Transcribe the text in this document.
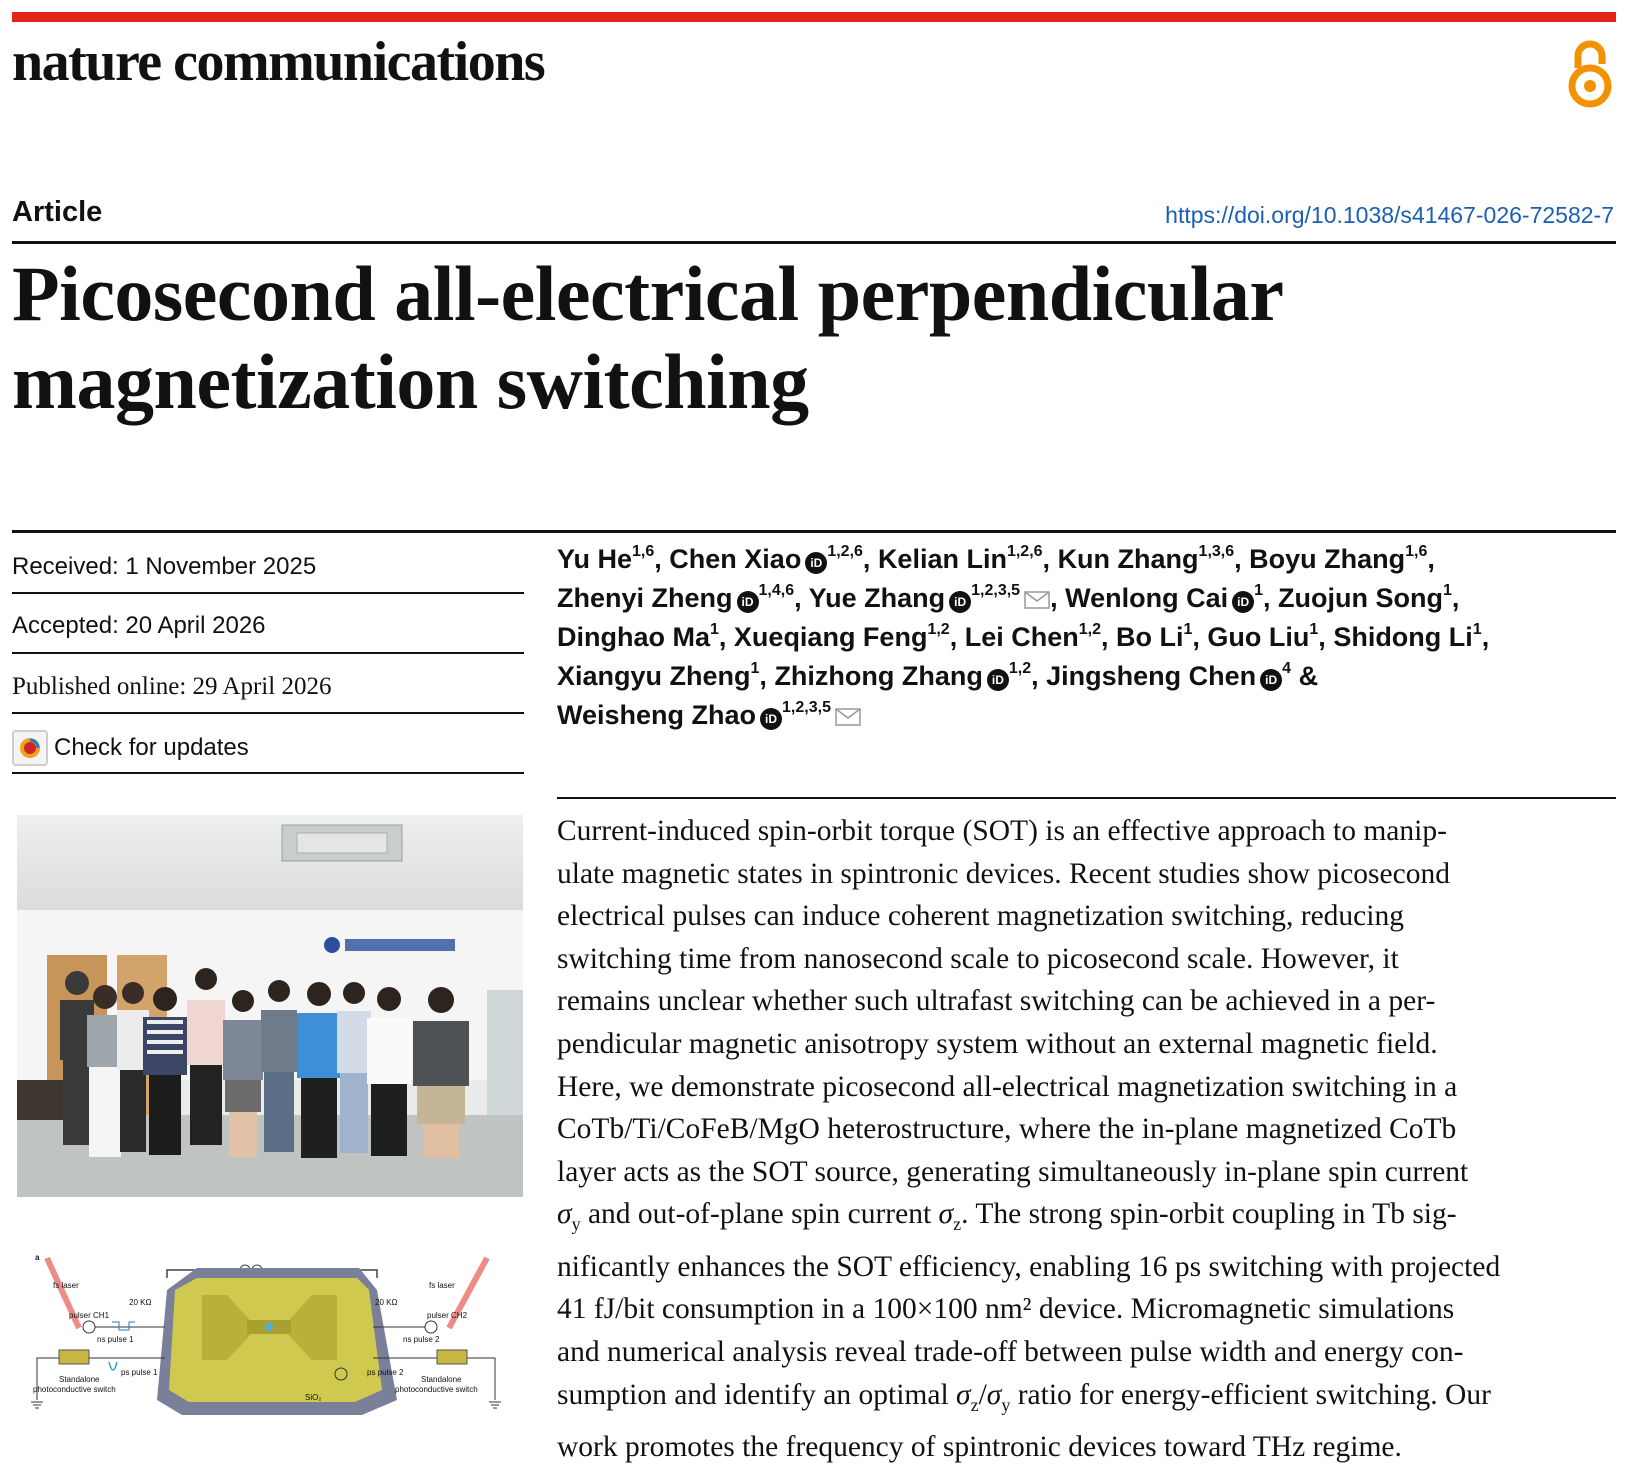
nature communications
Article	https://doi.org/10.1038/s41467-026-72582-7
Picosecond all-electrical perpendicular
magnetization switching
Received: 1 November 2025
Accepted: 20 April 2026
Published online: 29 April 2026
Check for updates
Yu He$^{1,6}$, Chen Xiao iD$^{1,2,6}$, Kelian Lin$^{1,2,6}$, Kun Zhang$^{1,3,6}$, Boyu Zhang$^{1,6}$,
Zhenyi Zheng iD$^{1,4,6}$, Yue Zhang iD$^{1,2,3,5}$ , Wenlong Cai $iD^1$, Zuojun Song$^1$,
Dinghao Ma$^1$, Xueqiang Feng$^{1,2}$, Lei Chen$^{1,2}$, Bo Li$^1$, Guo Liu$^1$, Shidong Li$^1$,
Xiangyu Zheng$^1$, Zhizhong Zhang iD$^{1,2}$, Jingsheng Chen $iD^4$ &
Weisheng Zhao iD$^{1,2,3,5}$
Current-induced spin-orbit torque (SOT) is an effective approach to manip-
ulate magnetic states in spintronic devices. Recent studies show picosecond
electrical pulses can induce coherent magnetization switching, reducing
switching time from nanosecond scale to picosecond scale. However, it
remains unclear whether such ultrafast switching can be achieved in a per-
pendicular magnetic anisotropy system without an external magnetic field.
Here, we demonstrate picosecond all-electrical magnetization switching in a
CoTb/Ti/CoFeB/MgO heterostructure, where the in-plane magnetized CoTb
layer acts as the SOT source, generating simultaneously in-plane spin current
$\sigma_y$ and out-of-plane spin current $\sigma_z$. The strong spin-orbit coupling in Tb sig-
nificantly enhances the SOT efficiency, enabling 16 ps switching with projected
41 fJ/bit consumption in a 100×100 nm² device. Micromagnetic simulations
and numerical analysis reveal trade-off between pulse width and energy con-
sumption and identify an optimal $\sigma_z/\sigma_y$ ratio for energy-efficient switching. Our
work promotes the frequency of spintronic devices toward THz regime.
a
fs laser	fs laser
SiO₂
20 KΩ	20 KΩ
pulser CH1	pulser CH2
ns pulse 1	ns pulse 2
ps pulse 1	ps pulse 2
Standalone
photoconductive switch
Standalone
photoconductive switch
